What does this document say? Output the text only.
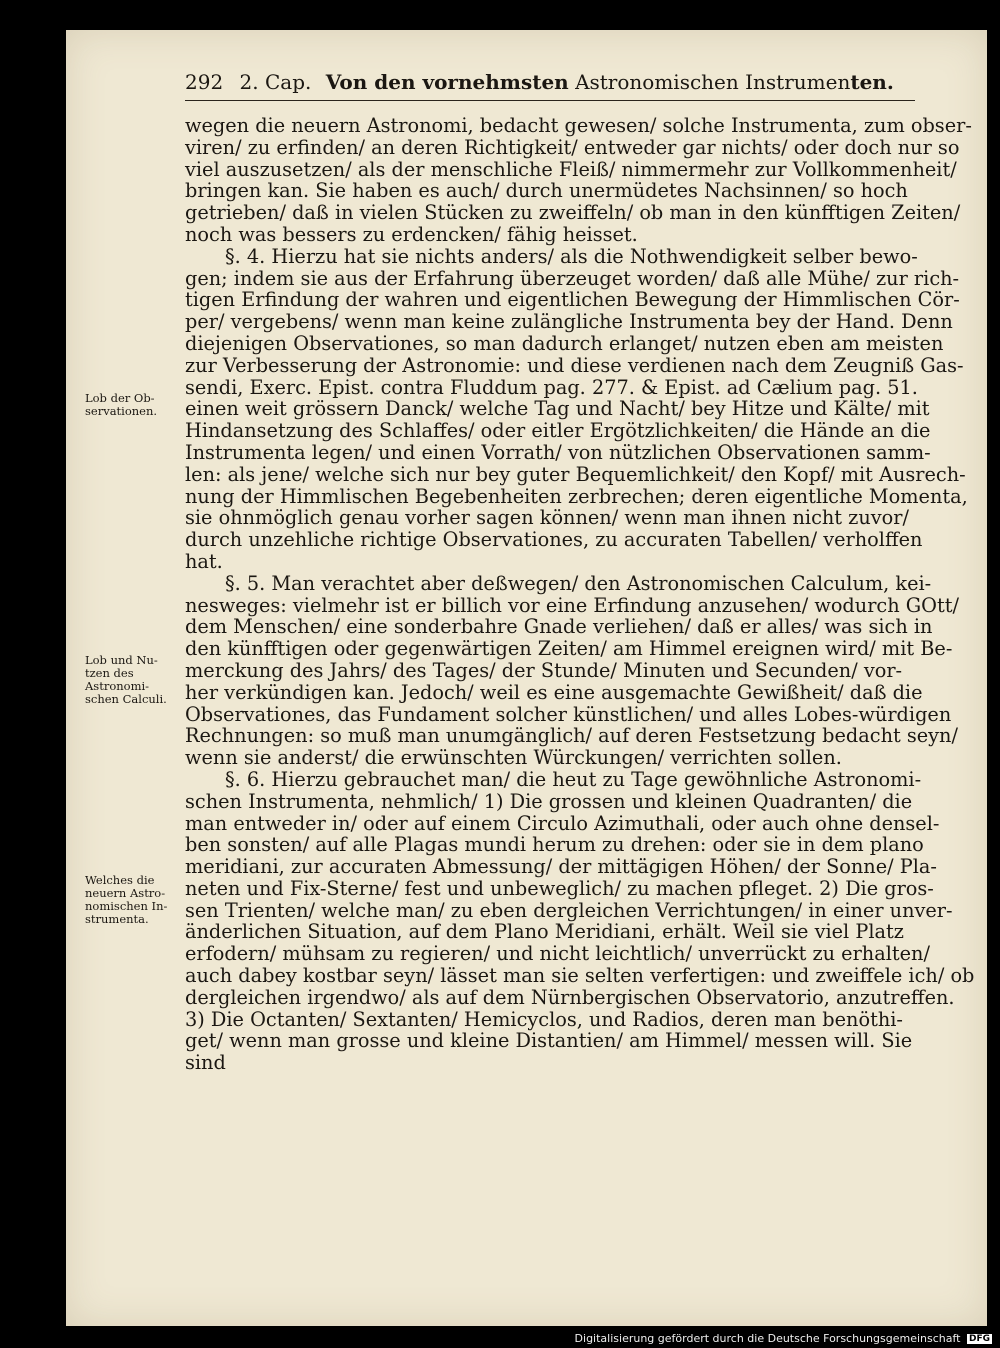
292 2. Cap. Von den vornehmsten Astronomischen Instrumenten.
wegen die neuern Astronomi, bedacht gewesen/ solche Instrumenta, zum obser-
viren/ zu erfinden/ an deren Richtigkeit/ entweder gar nichts/ oder doch nur so
viel auszusetzen/ als der menschliche Fleiß/ nimmermehr zur Vollkommenheit/
bringen kan. Sie haben es auch/ durch unermüdetes Nachsinnen/ so hoch
getrieben/ daß in vielen Stücken zu zweiffeln/ ob man in den künfftigen Zeiten/
noch was bessers zu erdencken/ fähig heisset.
§. 4. Hierzu hat sie nichts anders/ als die Nothwendigkeit selber bewo-
gen; indem sie aus der Erfahrung überzeuget worden/ daß alle Mühe/ zur rich-
tigen Erfindung der wahren und eigentlichen Bewegung der Himmlischen Cör-
per/ vergebens/ wenn man keine zulängliche Instrumenta bey der Hand. Denn
diejenigen Observationes, so man dadurch erlanget/ nutzen eben am meisten
zur Verbesserung der Astronomie: und diese verdienen nach dem Zeugniß Gas-
sendi, Exerc. Epist. contra Fluddum pag. 277. & Epist. ad Cælium pag. 51.
einen weit grössern Danck/ welche Tag und Nacht/ bey Hitze und Kälte/ mit
Hindansetzung des Schlaffes/ oder eitler Ergötzlichkeiten/ die Hände an die
Instrumenta legen/ und einen Vorrath/ von nützlichen Observationen samm-
len: als jene/ welche sich nur bey guter Bequemlichkeit/ den Kopf/ mit Ausrech-
nung der Himmlischen Begebenheiten zerbrechen; deren eigentliche Momenta,
sie ohnmöglich genau vorher sagen können/ wenn man ihnen nicht zuvor/
durch unzehliche richtige Observationes, zu accuraten Tabellen/ verholffen
hat.
§. 5. Man verachtet aber deßwegen/ den Astronomischen Calculum, kei-
nesweges: vielmehr ist er billich vor eine Erfindung anzusehen/ wodurch GOtt/
dem Menschen/ eine sonderbahre Gnade verliehen/ daß er alles/ was sich in
den künfftigen oder gegenwärtigen Zeiten/ am Himmel ereignen wird/ mit Be-
merckung des Jahrs/ des Tages/ der Stunde/ Minuten und Secunden/ vor-
her verkündigen kan. Jedoch/ weil es eine ausgemachte Gewißheit/ daß die
Observationes, das Fundament solcher künstlichen/ und alles Lobes-würdigen
Rechnungen: so muß man unumgänglich/ auf deren Festsetzung bedacht seyn/
wenn sie anderst/ die erwünschten Würckungen/ verrichten sollen.
§. 6. Hierzu gebrauchet man/ die heut zu Tage gewöhnliche Astronomi-
schen Instrumenta, nehmlich/ 1) Die grossen und kleinen Quadranten/ die
man entweder in/ oder auf einem Circulo Azimuthali, oder auch ohne densel-
ben sonsten/ auf alle Plagas mundi herum zu drehen: oder sie in dem plano
meridiani, zur accuraten Abmessung/ der mittägigen Höhen/ der Sonne/ Pla-
neten und Fix-Sterne/ fest und unbeweglich/ zu machen pfleget. 2) Die gros-
sen Trienten/ welche man/ zu eben dergleichen Verrichtungen/ in einer unver-
änderlichen Situation, auf dem Plano Meridiani, erhält. Weil sie viel Platz
erfodern/ mühsam zu regieren/ und nicht leichtlich/ unverrückt zu erhalten/
auch dabey kostbar seyn/ lässet man sie selten verfertigen: und zweiffele ich/ ob
dergleichen irgendwo/ als auf dem Nürnbergischen Observatorio, anzutreffen.
3) Die Octanten/ Sextanten/ Hemicyclos, und Radios, deren man benöthi-
get/ wenn man grosse und kleine Distantien/ am Himmel/ messen will. Sie
sind
Lob der Ob-
servationen.
Lob und Nu-
tzen des
Astronomi-
schen Calculi.
Welches die
neuern Astro-
nomischen In-
strumenta.
Digitalisierung gefördert durch die Deutsche Forschungsgemeinschaft DFG
